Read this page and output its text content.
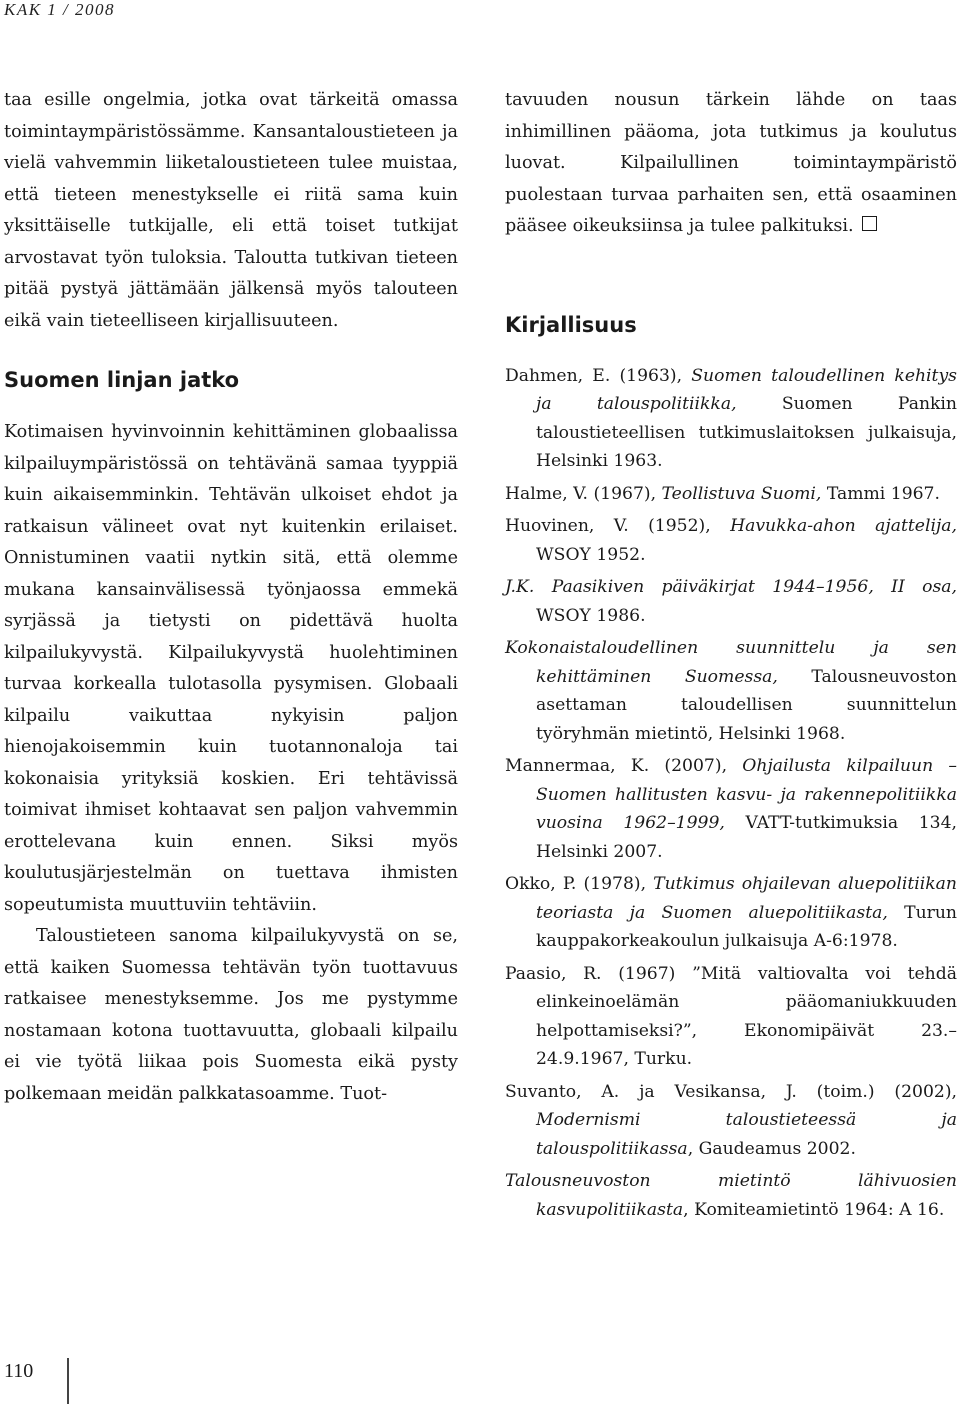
KAK 1 / 2008

taa esille ongelmia, jotka ovat tärkeitä omassa toimintaympäristössämme. Kansantaloustieteen ja vielä vahvemmin liiketaloustieteen tulee muistaa, että tieteen menestykselle ei riitä sama kuin yksittäiselle tutkijalle, eli että toiset tutkijat arvostavat työn tuloksia. Taloutta tutkivan tieteen pitää pystyä jättämään jälkensä myös talouteen eikä vain tieteelliseen kirjallisuuteen.

Suomen linjan jatko

Kotimaisen hyvinvoinnin kehittäminen globaalissa kilpailuympäristössä on tehtävänä samaa tyyppiä kuin aikaisemminkin. Tehtävän ulkoiset ehdot ja ratkaisun välineet ovat nyt kuitenkin erilaiset. Onnistuminen vaatii nytkin sitä, että olemme mukana kansainvälisessä työnjaossa emmekä syrjässä ja tietysti on pidettävä huolta kilpailukyvystä. Kilpailukyvystä huolehtiminen turvaa korkealla tulotasolla pysymisen. Globaali kilpailu vaikuttaa nykyisin paljon hienojakoisemmin kuin tuotannonaloja tai kokonaisia yrityksiä koskien. Eri tehtävissä toimivat ihmiset kohtaavat sen paljon vahvemmin erottelevana kuin ennen. Siksi myös koulutusjärjestelmän on tuettava ihmisten sopeutumista muuttuviin tehtäviin.

Taloustieteen sanoma kilpailukyvystä on se, että kaiken Suomessa tehtävän työn tuottavuus ratkaisee menestyksemme. Jos me pystymme nostamaan kotona tuottavuutta, globaali kilpailu ei vie työtä liikaa pois Suomesta eikä pysty polkemaan meidän palkkatasoamme. Tuot-

tavuuden nousun tärkein lähde on taas inhimillinen pääoma, jota tutkimus ja koulutus luovat. Kilpailullinen toimintaympäristö puolestaan turvaa parhaiten sen, että osaaminen pääsee oikeuksiinsa ja tulee palkituksi.

Kirjallisuus
Dahmen, E. (1963), Suomen taloudellinen kehitys ja talouspolitiikka, Suomen Pankin taloustieteellisen tutkimuslaitoksen julkaisuja, Helsinki 1963.
Halme, V. (1967), Teollistuva Suomi, Tammi 1967.
Huovinen, V. (1952), Havukka-ahon ajattelija, WSOY 1952.
J.K. Paasikiven päiväkirjat 1944–1956, II osa, WSOY 1986.
Kokonaistaloudellinen suunnittelu ja sen kehittäminen Suomessa, Talousneuvoston asettaman taloudellisen suunnittelun työryhmän mietintö, Helsinki 1968.
Mannermaa, K. (2007), Ohjailusta kilpailuun – Suomen hallitusten kasvu- ja rakennepolitiikka vuosina 1962–1999, VATT-tutkimuksia 134, Helsinki 2007.
Okko, P. (1978), Tutkimus ohjailevan aluepolitiikan teoriasta ja Suomen aluepolitiikasta, Turun kauppakorkeakoulun julkaisuja A-6:1978.
Paasio, R. (1967) ”Mitä valtiovalta voi tehdä elinkeinoelämän pääomaniukkuuden helpottamiseksi?”, Ekonomipäivät 23.–24.9.1967, Turku.
Suvanto, A. ja Vesikansa, J. (toim.) (2002), Modernismi taloustieteessä ja talouspolitiikassa, Gaudeamus 2002.
Talousneuvoston mietintö lähivuosien kasvupolitiikasta, Komiteamietintö 1964: A 16.
110
